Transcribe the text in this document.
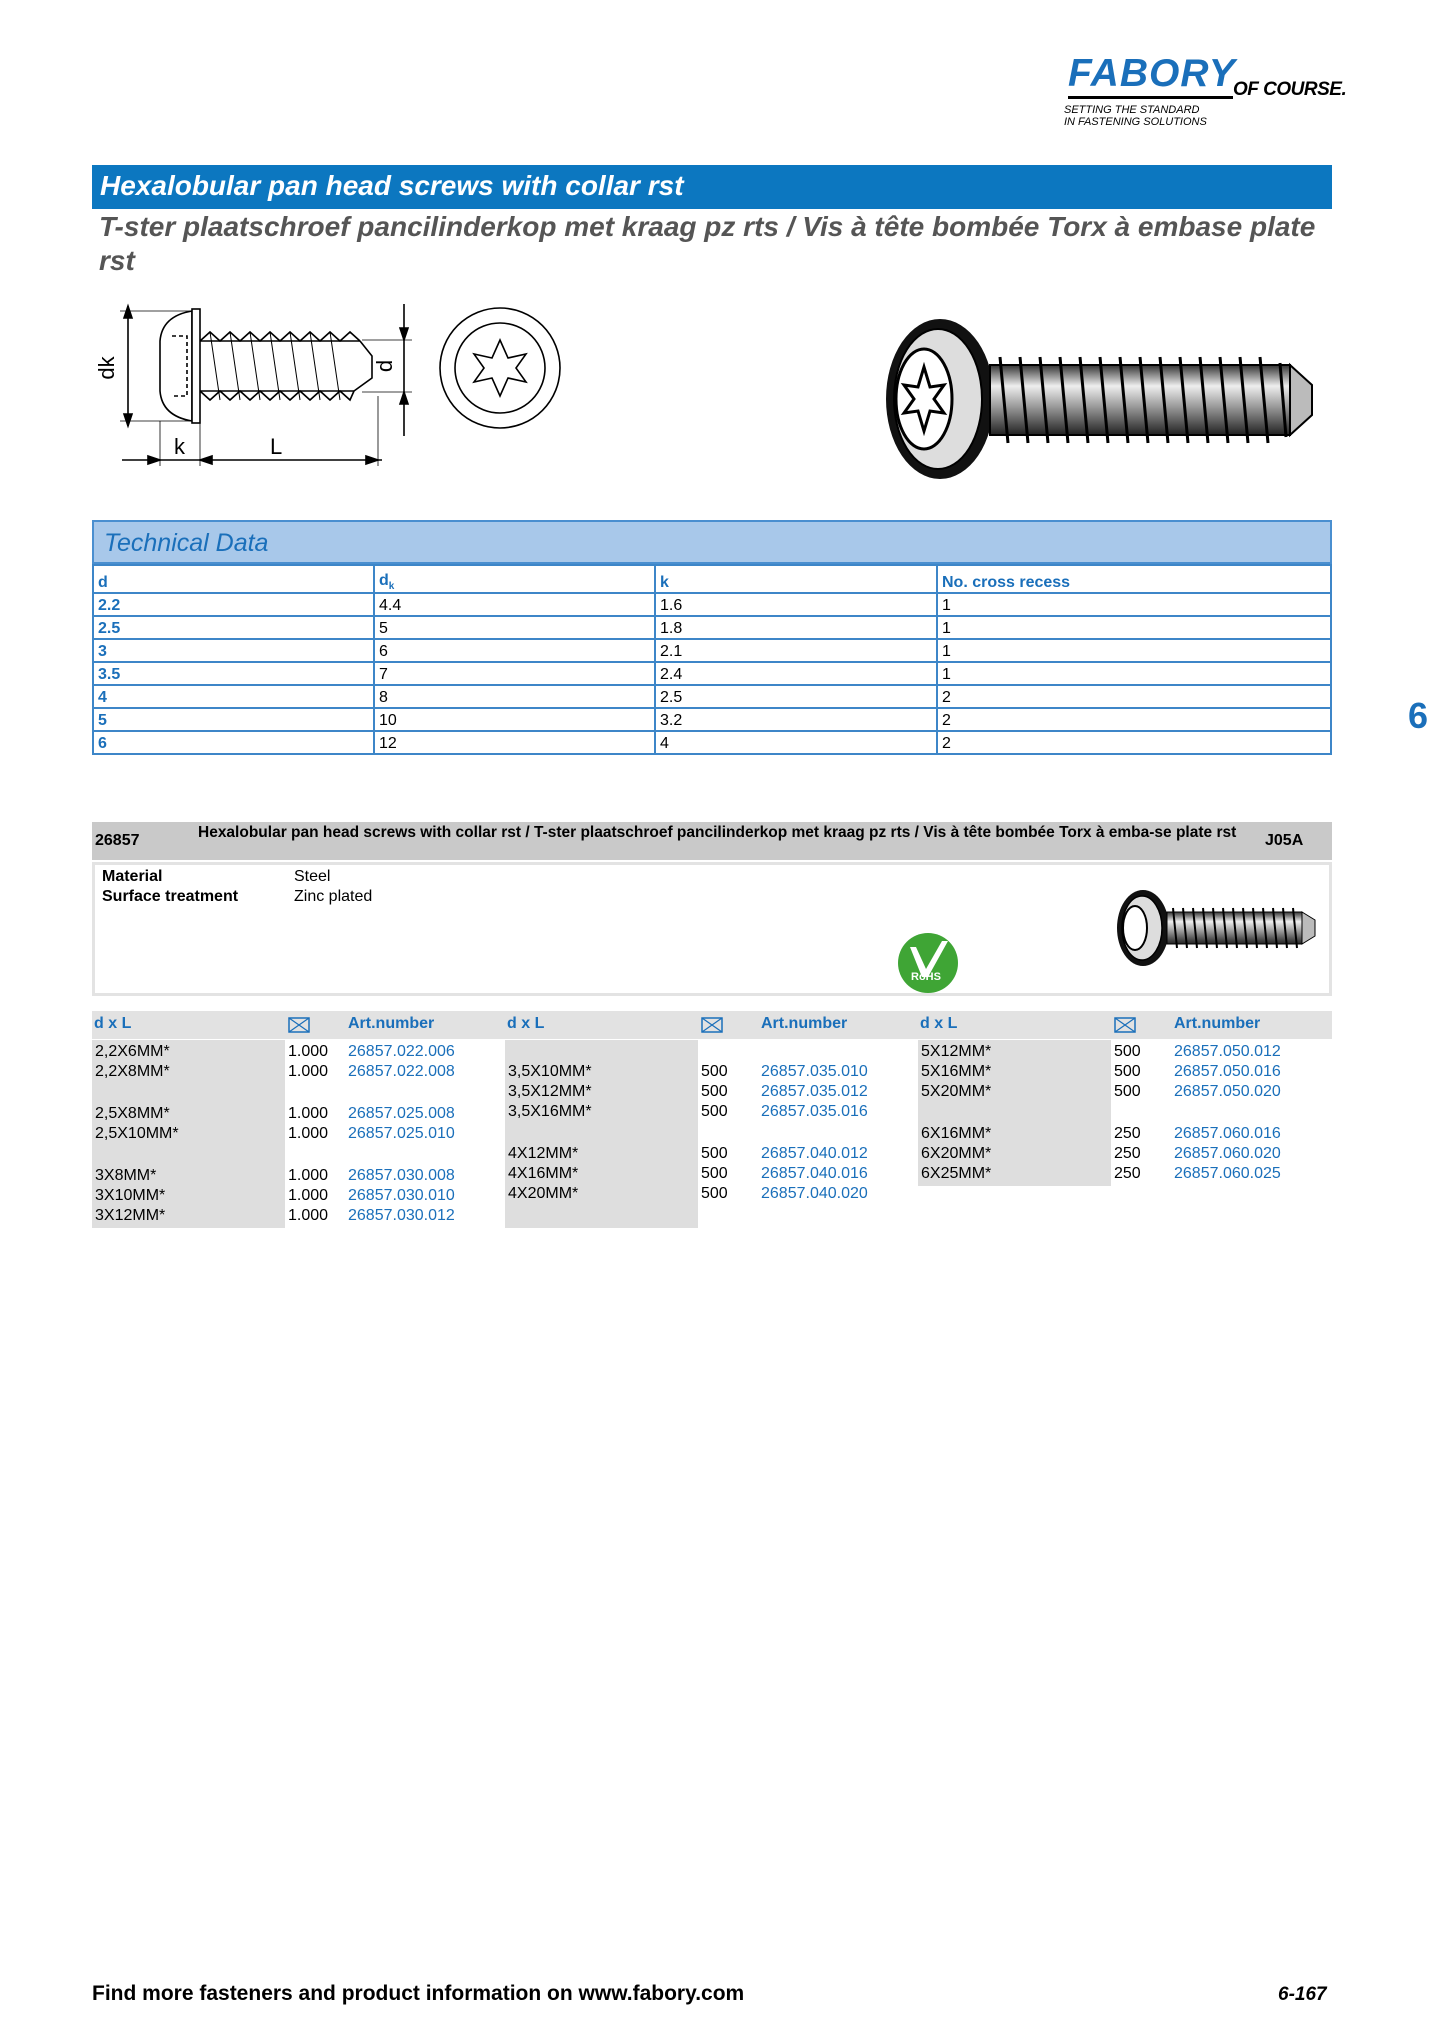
FABORY
OF COURSE.
SETTING THE STANDARD
IN FASTENING SOLUTIONS
Hexalobular pan head screws with collar rst
T-ster plaatschroef pancilinderkop met kraag pz rts / Vis à tête bombée Torx à embase plate rst
dk	d
k	L
Technical Data
d	$d_k$	k	No. cross recess
2.2	4.4	1.6	1
2.5	5	1.8	1
3	6	2.1	1
3.5	7	2.4	1
4	8	2.5	2
5	10	3.2	2
6	12	4	2
6
26857	Hexalobular pan head screws with collar rst / T-ster plaatschroef pancilinderkop met kraag pz rts / Vis à tête bombée Torx à emba-se plate rst	J05A
Material	Steel
Surface treatment	Zinc plated
RoHS
d x L	Art.number
2,2X6MM*	1.000 26857.022.006
2,2X8MM*	1.000 26857.022.008
2,5X8MM*	1.000 26857.025.008
2,5X10MM*	1.000 26857.025.010
3X8MM*	1.000 26857.030.008
3X10MM*	1.000 26857.030.010
3X12MM*	1.000 26857.030.012
d x L	Art.number
3,5X10MM*	500 26857.035.010
3,5X12MM*	500 26857.035.012
3,5X16MM*	500 26857.035.016
4X12MM*	500 26857.040.012
4X16MM*	500 26857.040.016
4X20MM*	500 26857.040.020
d x L	Art.number
5X12MM*	500 26857.050.012
5X16MM*	500 26857.050.016
5X20MM*	500 26857.050.020
6X16MM*	250 26857.060.016
6X20MM*	250 26857.060.020
6X25MM*	250 26857.060.025
Find more fasteners and product information on www.fabory.com	6-167
